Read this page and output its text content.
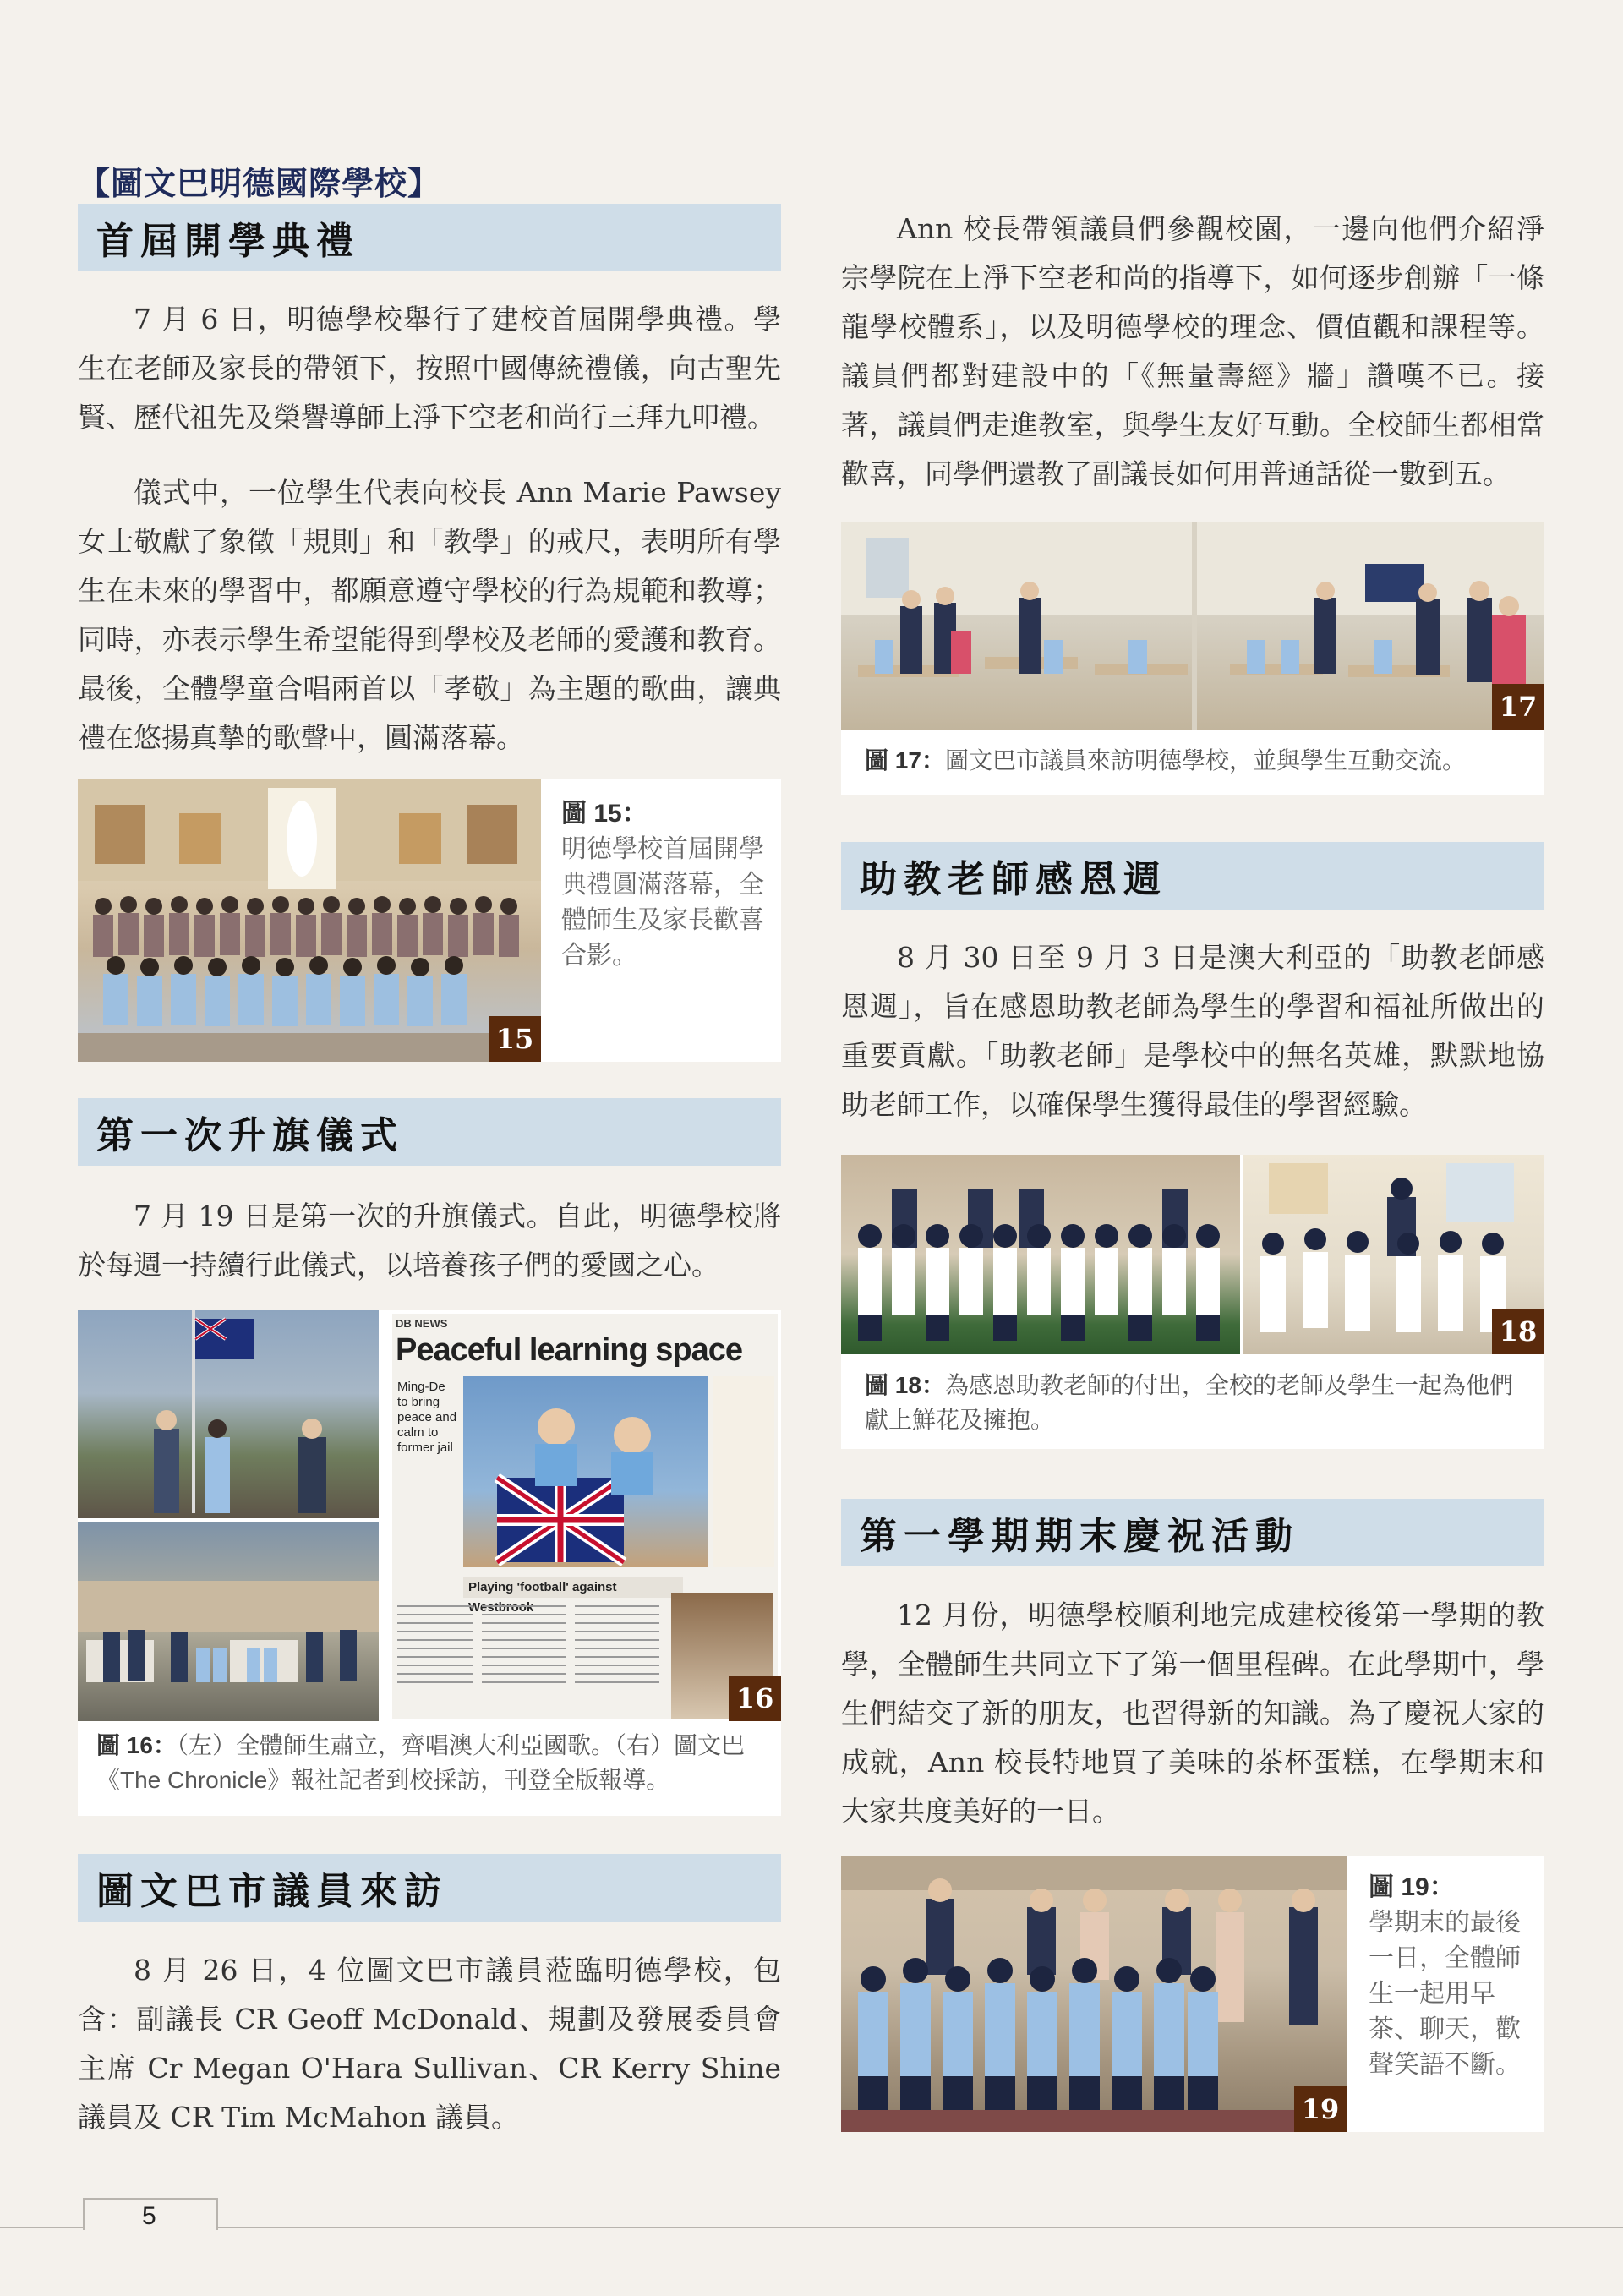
【圖文巴明德國際學校】
首屆開學典禮

7 月 6 日，明德學校舉行了建校首屆開學典禮。學生在老師及家長的帶領下，按照中國傳統禮儀，向古聖先賢、歷代祖先及榮譽導師上淨下空老和尚行三拜九叩禮。

儀式中，一位學生代表向校長 Ann Marie Pawsey 女士敬獻了象徵「規則」和「教學」的戒尺，表明所有學生在未來的學習中，都願意遵守學校的行為規範和教導；同時，亦表示學生希望能得到學校及老師的愛護和教育。最後，全體學童合唱兩首以「孝敬」為主題的歌曲，讓典禮在悠揚真摯的歌聲中，圓滿落幕。

15
圖 15：
明德學校首屆開學典禮圓滿落幕，全體師生及家長歡喜合影。
第一次升旗儀式

7 月 19 日是第一次的升旗儀式。自此，明德學校將於每週一持續行此儀式，以培養孩子們的愛國之心。

DB NEWS
Peaceful learning space
Ming-De to bring peace and calm to former jail
Playing 'football' against Westbrook
16
圖 16：（左）全體師生肅立，齊唱澳大利亞國歌。（右）圖文巴《The Chronicle》報社記者到校採訪，刊登全版報導。
圖文巴市議員來訪

8 月 26 日，4 位圖文巴市議員蒞臨明德學校，包含：副議長 CR Geoff McDonald、規劃及發展委員會主席 Cr Megan O'Hara Sullivan、CR Kerry Shine 議員及 CR Tim McMahon 議員。

Ann 校長帶領議員們參觀校園，一邊向他們介紹淨宗學院在上淨下空老和尚的指導下，如何逐步創辦「一條龍學校體系」，以及明德學校的理念、價值觀和課程等。議員們都對建設中的「《無量壽經》牆」讚嘆不已。接著，議員們走進教室，與學生友好互動。全校師生都相當歡喜，同學們還教了副議長如何用普通話從一數到五。

17
圖 17：圖文巴市議員來訪明德學校，並與學生互動交流。
助教老師感恩週

8 月 30 日至 9 月 3 日是澳大利亞的「助教老師感恩週」，旨在感恩助教老師為學生的學習和福祉所做出的重要貢獻。「助教老師」是學校中的無名英雄，默默地協助老師工作，以確保學生獲得最佳的學習經驗。

18
圖 18：為感恩助教老師的付出，全校的老師及學生一起為他們獻上鮮花及擁抱。
第一學期期末慶祝活動

12 月份，明德學校順利地完成建校後第一學期的教學，全體師生共同立下了第一個里程碑。在此學期中，學生們結交了新的朋友，也習得新的知識。為了慶祝大家的成就，Ann 校長特地買了美味的茶杯蛋糕，在學期末和大家共度美好的一日。

19
圖 19：
學期末的最後一日，全體師生一起用早茶、聊天，歡聲笑語不斷。
5
